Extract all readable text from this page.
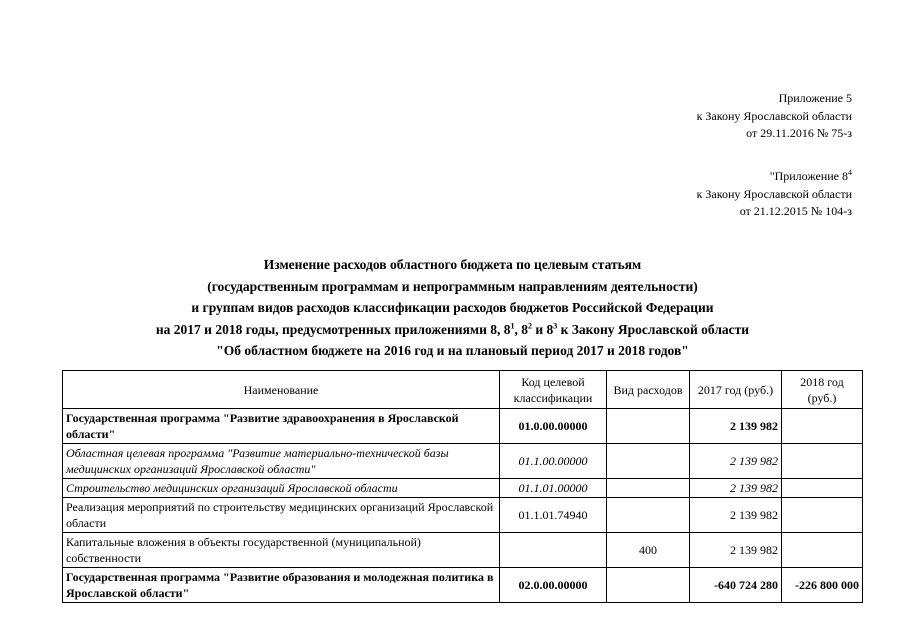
Приложение 5
к Закону Ярославской области
от 29.11.2016 № 75-з
"Приложение $8^4$
к Закону Ярославской области
от 21.12.2015 № 104-з
Изменение расходов областного бюджета по целевым статьям
(государственным программам и непрограммным направлениям деятельности)
и группам видов расходов классификации расходов бюджетов Российской Федерации
на 2017 и 2018 годы, предусмотренных приложениями 8, $8^1$, $8^2$ и $8^3$ к Закону Ярославской области
"Об областном бюджете на 2016 год и на плановый период 2017 и 2018 годов"
Наименование	Код целевой классификации	Вид расходов	2017 год (руб.)	2018 год (руб.)
Государственная программа "Развитие здравоохранения в Ярославской области"	01.0.00.00000		2 139 982	
Областная целевая программа "Развитие материально-технической базы медицинских организаций Ярославской области"	01.1.00.00000		2 139 982	
Строительство медицинских организаций Ярославской области	01.1.01.00000		2 139 982	
Реализация мероприятий по строительству медицинских организаций Ярославской области	01.1.01.74940		2 139 982	
Капитальные вложения в объекты государственной (муниципальной) собственности		400	2 139 982	
Государственная программа "Развитие образования и молодежная политика в Ярославской области"	02.0.00.00000		-640 724 280	-226 800 000
